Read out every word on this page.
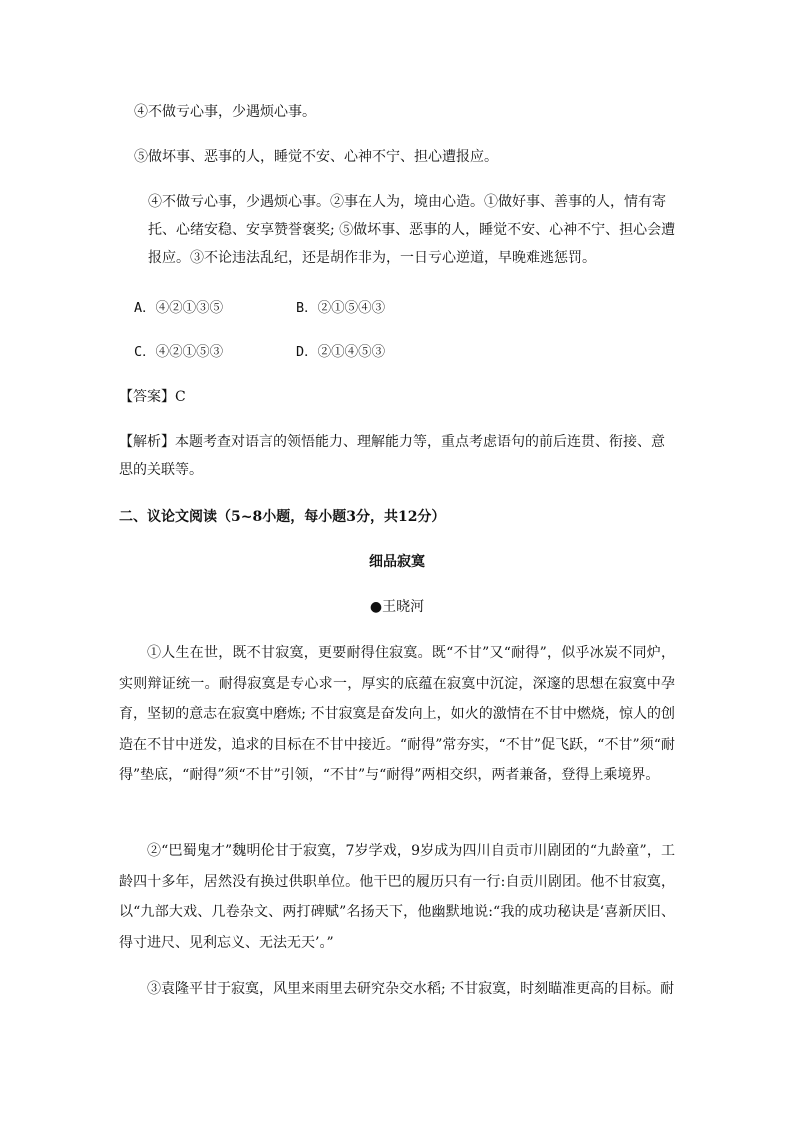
④不做亏心事，少遇烦心事。
⑤做坏事、恶事的人，睡觉不安、心神不宁、担心遭报应。
④不做亏心事，少遇烦心事。②事在人为，境由心造。①做好事、善事的人，情有寄托、心绪安稳、安享赞誉褒奖; ⑤做坏事、恶事的人，睡觉不安、心神不宁、担心会遭报应。③不论违法乱纪，还是胡作非为，一日亏心逆道，早晚难逃惩罚。
A．④②①③⑤	B．②①⑤④③
C．④②①⑤③	D．②①④⑤③
【答案】C
【解析】本题考查对语言的领悟能力、理解能力等，重点考虑语句的前后连贯、衔接、意思的关联等。
二、议论文阅读（5~8小题，每小题3分，共12分）
细品寂寞
●王晓河
①人生在世，既不甘寂寞，更要耐得住寂寞。既“不甘”又“耐得”，似乎冰炭不同炉，实则辩证统一。耐得寂寞是专心求一，厚实的底蕴在寂寞中沉淀，深邃的思想在寂寞中孕育，坚韧的意志在寂寞中磨炼; 不甘寂寞是奋发向上，如火的激情在不甘中燃烧，惊人的创造在不甘中迸发，追求的目标在不甘中接近。“耐得”常夯实，“不甘”促飞跃，“不甘”须“耐得”垫底，“耐得”须“不甘”引领，“不甘”与“耐得”两相交织，两者兼备，登得上乘境界。
②“巴蜀鬼才”魏明伦甘于寂寞，7岁学戏，9岁成为四川自贡市川剧团的“九龄童”，工龄四十多年，居然没有换过供职单位。他干巴的履历只有一行:自贡川剧团。他不甘寂寞，以“九部大戏、几卷杂文、两打碑赋”名扬天下，他幽默地说:“我的成功秘诀是‘喜新厌旧、得寸进尺、见利忘义、无法无天’。”
③袁隆平甘于寂寞，风里来雨里去研究杂交水稻; 不甘寂寞，时刻瞄准更高的目标。耐
